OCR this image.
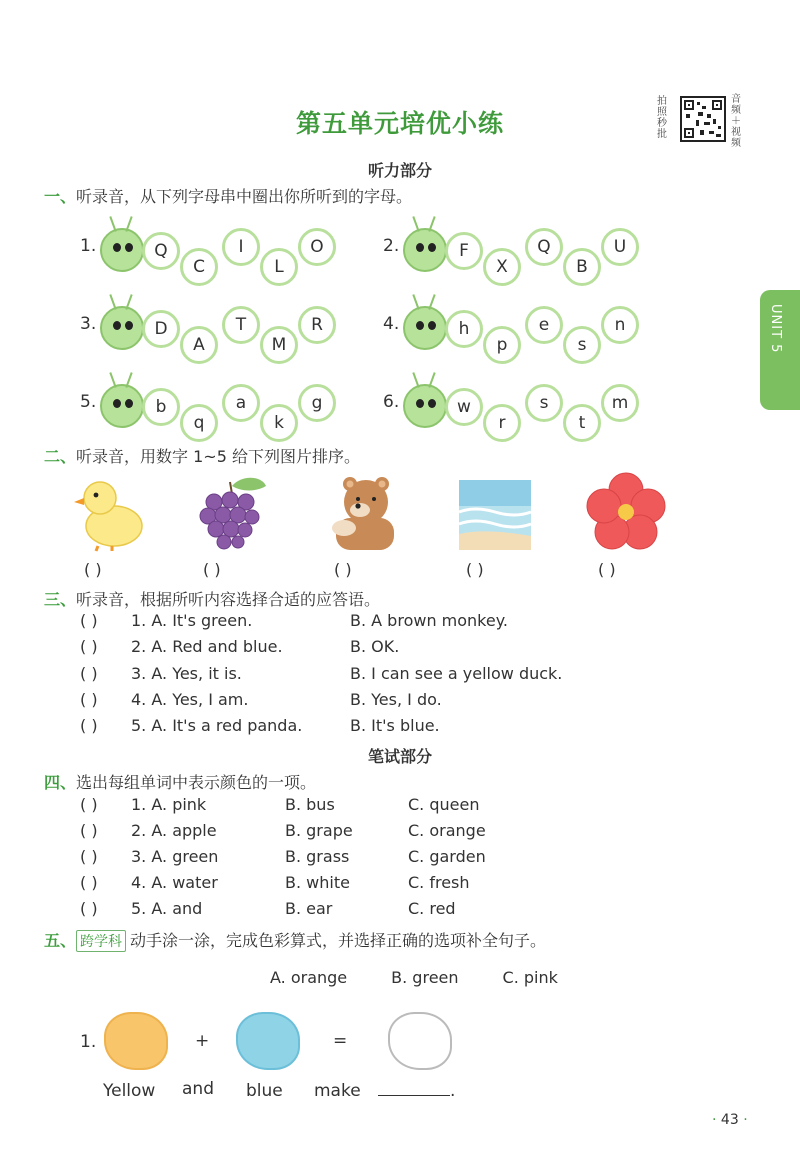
第五单元培优小练
拍照秒批
音频＋视频
UNIT 5
听力部分
一、听录音，从下列字母串中圈出你所听到的字母。
1.	Q
C
I
L
O	2.	F
X
Q
B
U
3.	D
A
T
M
R	4.	h
p
e
s
n
5.	b
q
a
k
g	6.	w
r
s
t
m
二、听录音，用数字 1~5 给下列图片排序。
( )	( )	( )	( )	( )
三、听录音，根据所听内容选择合适的应答语。
( ) 1. A. It's green.	B. A brown monkey.
( ) 2. A. Red and blue.	B. OK.
( ) 3. A. Yes, it is.	B. I can see a yellow duck.
( ) 4. A. Yes, I am.	B. Yes, I do.
( ) 5. A. It's a red panda.	B. It's blue.
笔试部分
四、选出每组单词中表示颜色的一项。
( ) 1. A. pink	B. bus	C. queen
( ) 2. A. apple	B. grape	C. orange
( ) 3. A. green	B. grass	C. garden
( ) 4. A. water	B. white	C. fresh
( ) 5. A. and	B. ear	C. red
五、 跨学科 动手涂一涂，完成色彩算式，并选择正确的选项补全句子。
A. orange	B. green	C. pink
1.	+	=
Yellow and blue make	.
· 43 ·
